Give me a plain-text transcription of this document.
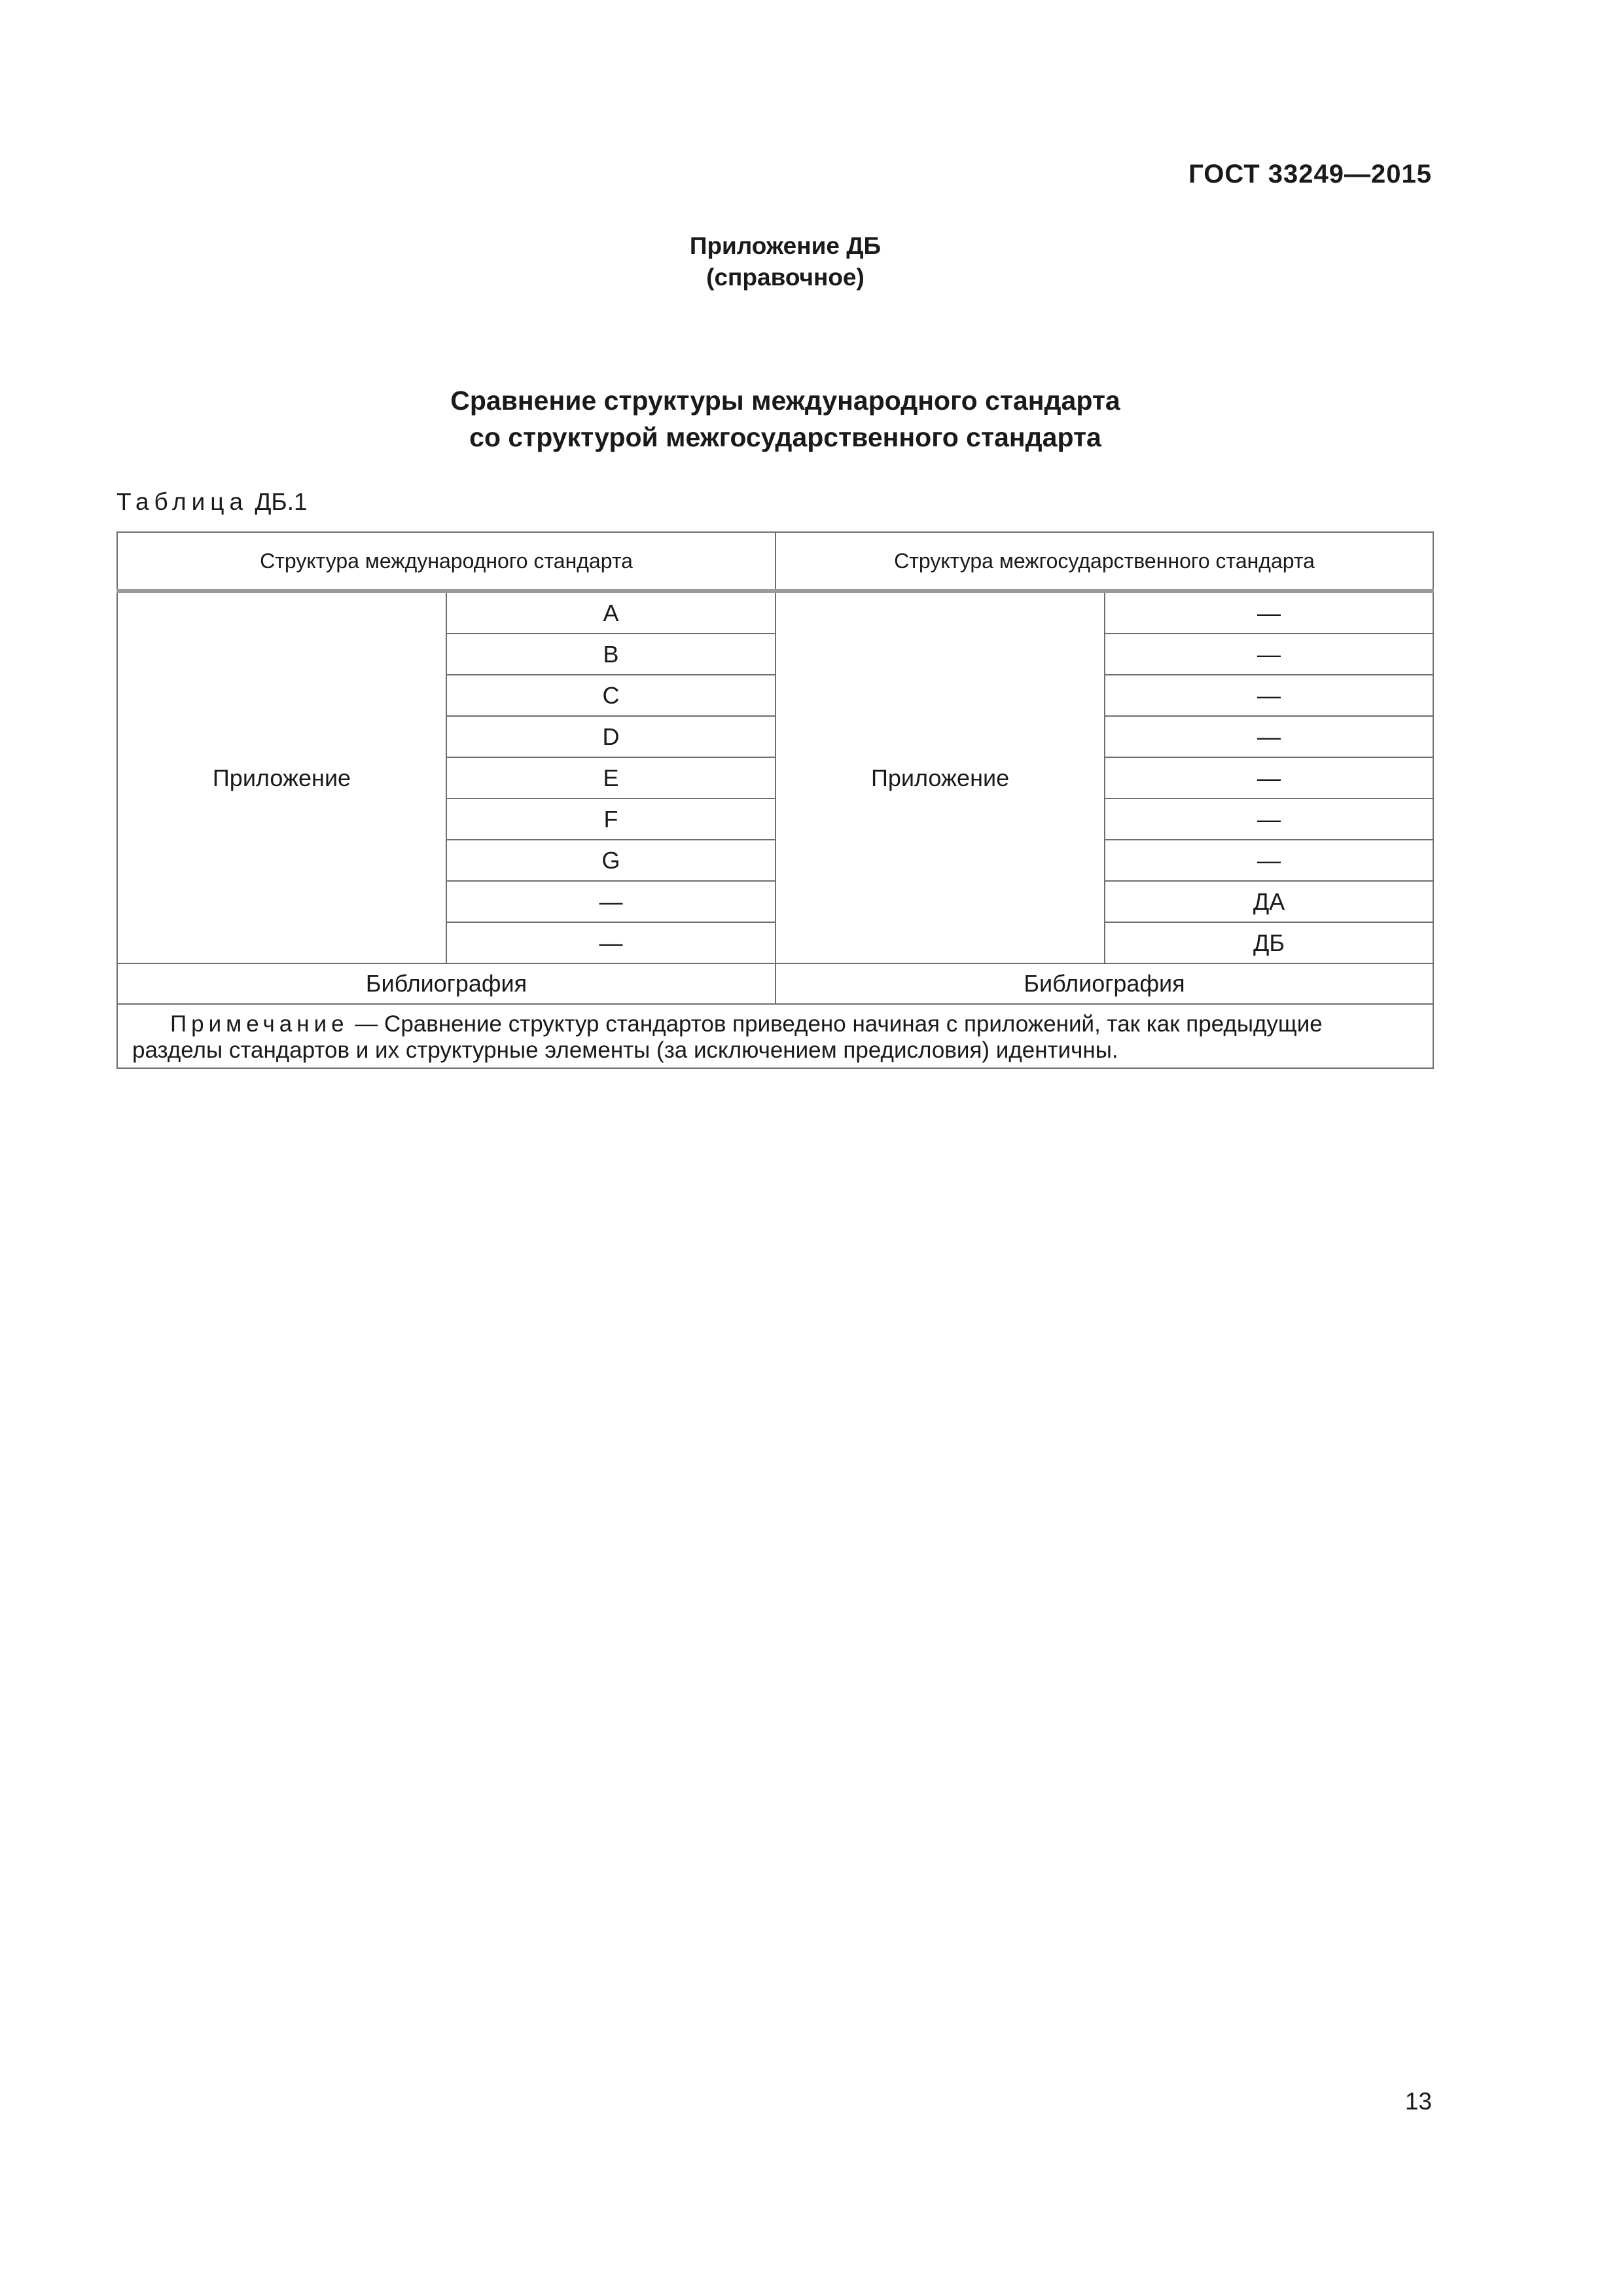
ГОСТ 33249—2015
Приложение ДБ
(справочное)
Сравнение структуры международного стандарта
со структурой межгосударственного стандарта
Таблица ДБ.1
Структура международного стандарта		Структура межгосударственного стандарта	
Приложение	A	Приложение	—
	B		—
	C		—
	D		—
	E		—
	F		—
	G		—
	—		ДА
	—		ДБ
Библиография		Библиография	
Примечание — Сравнение структур стандартов приведено начиная с приложений, так как предыдущие разделы стандартов и их структурные элементы (за исключением предисловия) идентичны.			
13
